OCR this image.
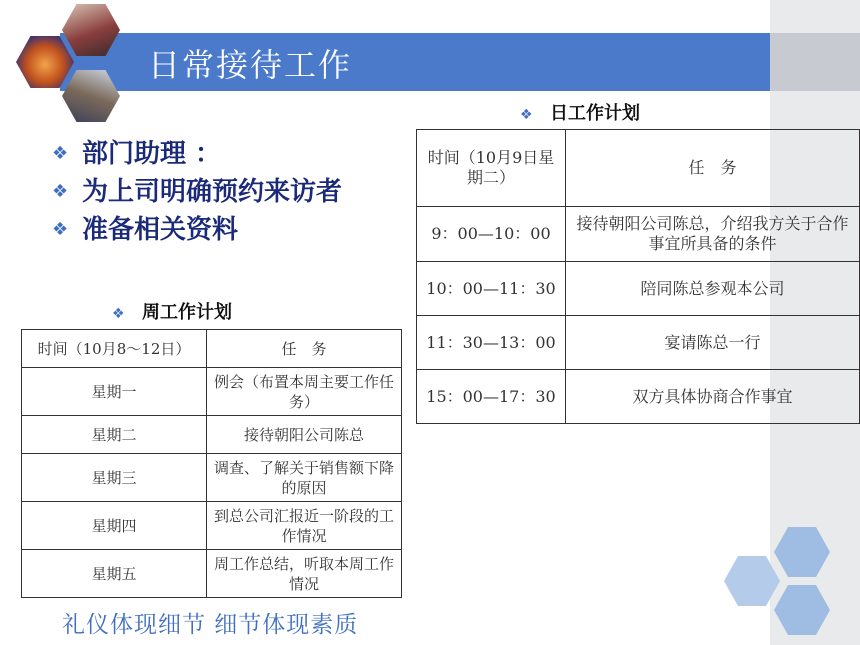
日常接待工作
❖ 部门助理 ：
❖ 为上司明确预约来访者
❖ 准备相关资料
❖ 周工作计划
时间（10月8～12日）	任　务
星期一	例会（布置本周主要工作任务）
星期二	接待朝阳公司陈总
星期三	调查、了解关于销售额下降的原因
星期四	到总公司汇报近一阶段的工作情况
星期五	周工作总结，听取本周工作情况
❖ 日工作计划
时间（10月9日星期二）	任　务
9：00—10：00	接待朝阳公司陈总，介绍我方关于合作事宜所具备的条件
10：00—11：30	陪同陈总参观本公司
11：30—13：00	宴请陈总一行
15：00—17：30	双方具体协商合作事宜
礼仪体现细节 细节体现素质
